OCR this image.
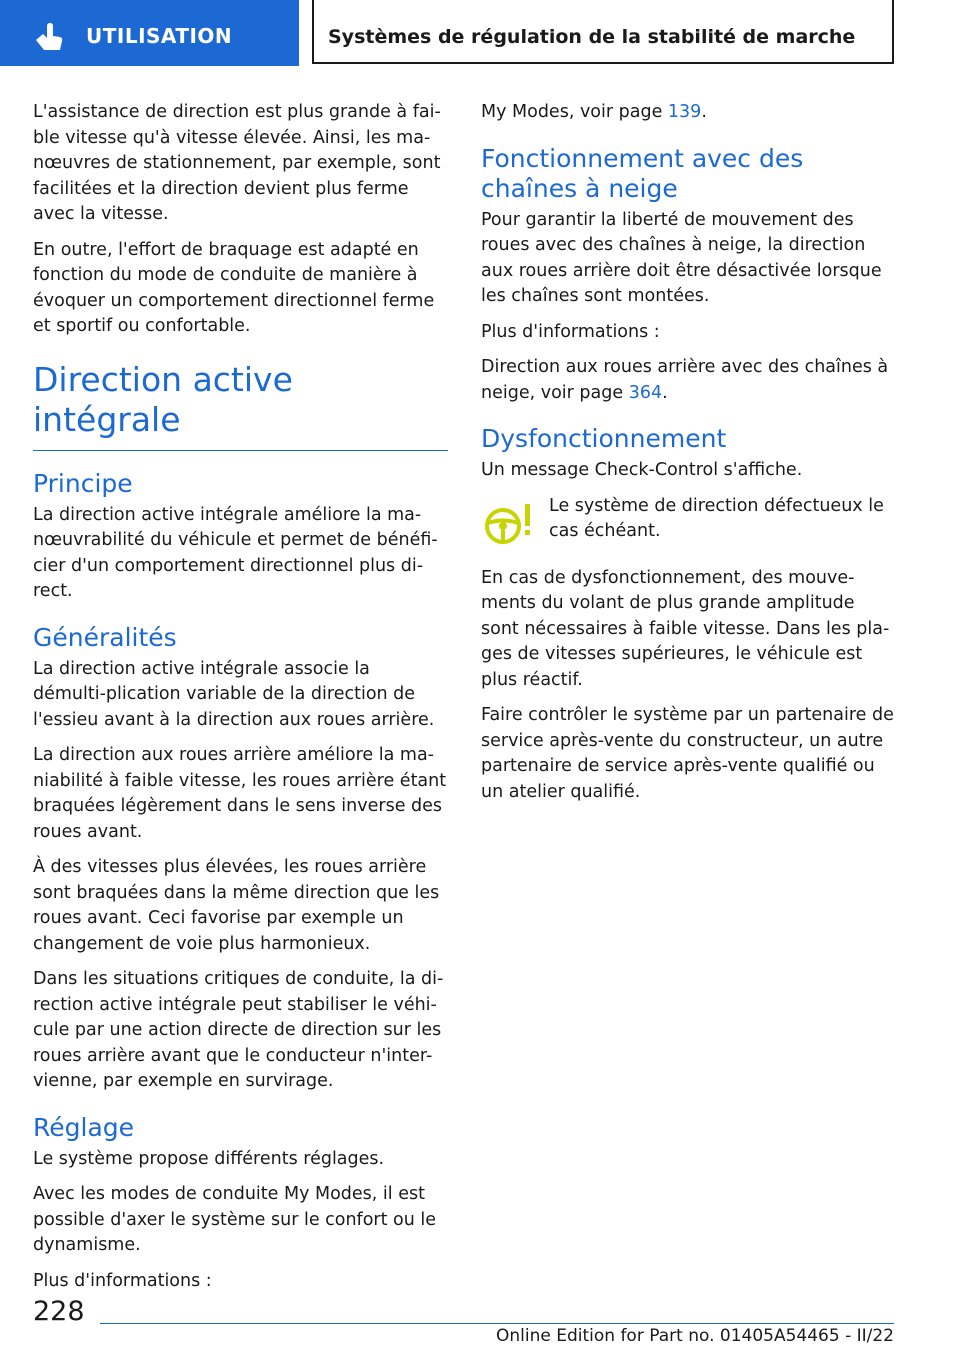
UTILISATION	Systèmes de régulation de la stabilité de marche

L'assistance de direction est plus grande à fai-ble vitesse qu'à vitesse élevée. Ainsi, les ma-nœuvres de stationnement, par exemple, sont facilitées et la direction devient plus ferme avec la vitesse.

En outre, l'effort de braquage est adapté en fonction du mode de conduite de manière à évoquer un comportement directionnel ferme et sportif ou confortable.

Direction active intégrale
Principe

La direction active intégrale améliore la ma-nœuvrabilité du véhicule et permet de bénéfi-cier d'un comportement directionnel plus di-rect.

Généralités

La direction active intégrale associe la démulti-plication variable de la direction de l'essieu avant à la direction aux roues arrière.

La direction aux roues arrière améliore la ma-niabilité à faible vitesse, les roues arrière étant braquées légèrement dans le sens inverse des roues avant.

À des vitesses plus élevées, les roues arrière sont braquées dans la même direction que les roues avant. Ceci favorise par exemple un changement de voie plus harmonieux.

Dans les situations critiques de conduite, la di-rection active intégrale peut stabiliser le véhi-cule par une action directe de direction sur les roues arrière avant que le conducteur n'inter-vienne, par exemple en survirage.

Réglage

Le système propose différents réglages.

Avec les modes de conduite My Modes, il est possible d'axer le système sur le confort ou le dynamisme.

Plus d'informations :

My Modes, voir page 139.

Fonctionnement avec des chaînes à neige

Pour garantir la liberté de mouvement des roues avec des chaînes à neige, la direction aux roues arrière doit être désactivée lorsque les chaînes sont montées.

Plus d'informations :

Direction aux roues arrière avec des chaînes à neige, voir page 364.

Dysfonctionnement

Un message Check-Control s'affiche.

Le système de direction défectueux le cas échéant.

En cas de dysfonctionnement, des mouve-ments du volant de plus grande amplitude sont nécessaires à faible vitesse. Dans les pla-ges de vitesses supérieures, le véhicule est plus réactif.

Faire contrôler le système par un partenaire de service après-vente du constructeur, un autre partenaire de service après-vente qualifié ou un atelier qualifié.

228
Online Edition for Part no. 01405A54465 - II/22
